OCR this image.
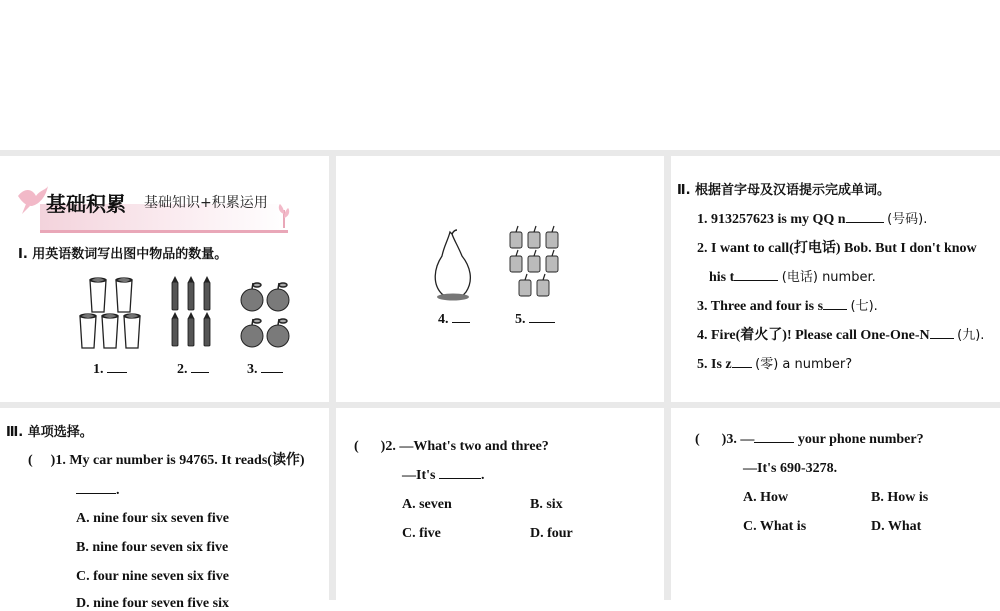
基础积累 基础知识+积累运用
Ⅰ. 用英语数词写出图中物品的数量。
1.	2.	3.
4.	5.
Ⅱ. 根据首字母及汉语提示完成单词。
1. 913257623 is my QQ n	(号码).
2. I want to call(打电话) Bob. But I don't know
his t	(电话) number.
3. Three and four is s (七).
4. Fire(着火了)! Please call One-One-N (九).
5. Is z (零) a number?
Ⅲ. 单项选择。
( )1. My car number is 94765. It reads(读作)
.
A. nine four six seven five
B. nine four seven six five
C. four nine seven six five
D. nine four seven five six
( )2. —What's two and three?
—It's	.
A. seven	B. six
C. five	D. four
( )3. —	your phone number?
—It's 690-3278.
A. How	B. How is
C. What is	D. What
